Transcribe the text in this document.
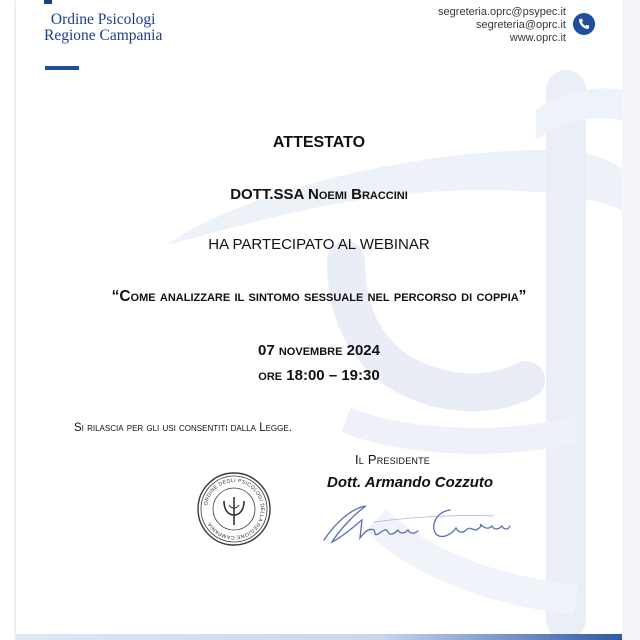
Ordine Psicologi
Regione Campania
segreteria.oprc@psypec.it
segreteria@oprc.it
www.oprc.it
ATTESTATO
DOTT.SSA Noemi Braccini
HA PARTECIPATO AL WEBINAR
“Come analizzare il sintomo sessuale nel percorso di coppia”
07 novembre 2024
ore 18:00 – 19:30
Si rilascia per gli usi consentiti dalla Legge.
Il Presidente
Dott. Armando Cozzuto
ORDINE DEGLI PSICOLOGI DELLA REGIONE CAMPANIA
